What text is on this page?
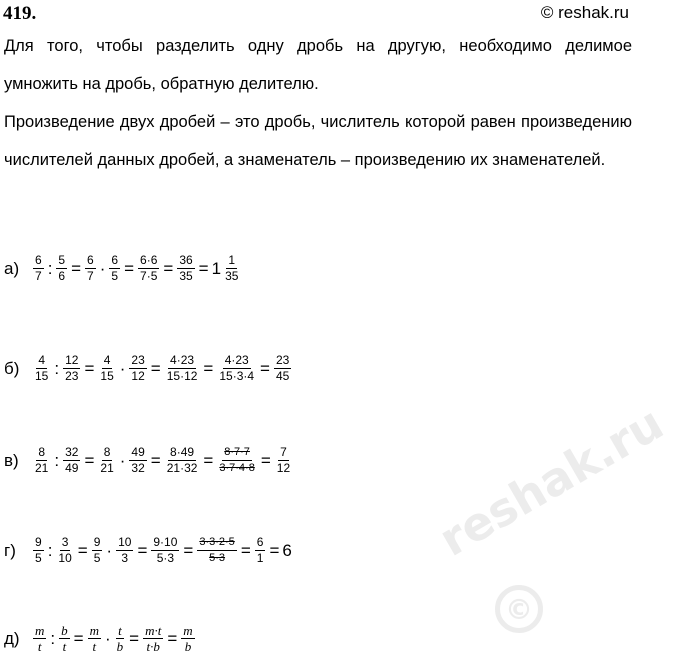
419.	© reshak.ru
Для того, чтобы разделить одну дробь на другую, необходимо делимое умножить на дробь, обратную делителю.
Произведение двух дробей – это дробь, числитель которой равен произведению числителей данных дробей, а знаменатель – произведению их знаменателей.
а)	$\frac{6}{7}$ : $\frac{5}{6} = \frac{6}{7} \cdot \frac{6}{5} = \frac{6\cdot 6}{7\cdot 5} = \frac{36}{35} = 1 \frac{1}{35}$
б)	$\frac{4}{15}$ : $\frac{12}{23} = \frac{4}{15} \cdot \frac{23}{12} = \frac{4\cdot 23}{15\cdot 12} = \frac{4\cdot 23}{15\cdot 3\cdot 4} = \frac{23}{45}$
в)	$\frac{8}{21}$ : $\frac{32}{49} = \frac{8}{21} \cdot \frac{49}{32} = \frac{8\cdot 49}{21\cdot 32} = \frac{8\cdot 7\cdot 7}{3\cdot 7\cdot 4\cdot 8} = \frac{7}{12}$
г)	$\frac{9}{5}$ : $\frac{3}{10} = \frac{9}{5} \cdot \frac{10}{3} = \frac{9\cdot 10}{5\cdot 3} = \frac{3\cdot 3\cdot 2\cdot 5}{5\cdot 3} = \frac{6}{1} = 6$
д)	$\frac{m}{t}$ : $\frac{b}{t} = \frac{m}{t} \cdot \frac{t}{b} = \frac{m\cdot t}{t\cdot b} = \frac{m}{b}$
reshak.ru
©
